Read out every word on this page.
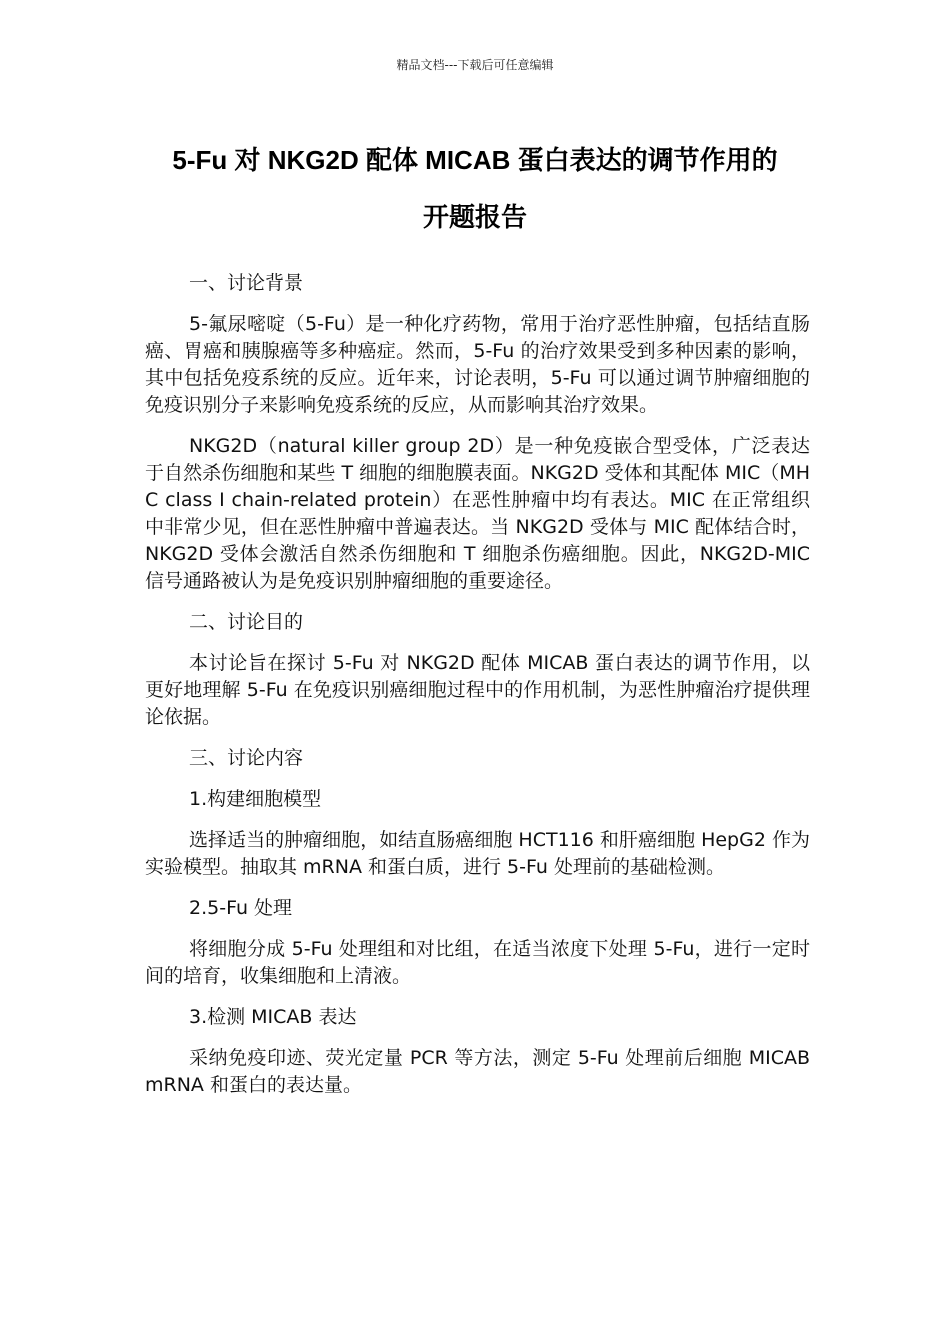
精品文档---下载后可任意编辑
5-Fu 对 NKG2D 配体 MICAB 蛋白表达的调节作用的
开题报告

一、讨论背景

5-氟尿嘧啶（5-Fu）是一种化疗药物，常用于治疗恶性肿瘤，包括结直肠癌、胃癌和胰腺癌等多种癌症。然而，5-Fu 的治疗效果受到多种因素的影响，其中包括免疫系统的反应。近年来，讨论表明，5-Fu 可以通过调节肿瘤细胞的免疫识别分子来影响免疫系统的反应，从而影响其治疗效果。

NKG2D（natural killer group 2D）是一种免疫嵌合型受体，广泛表达于自然杀伤细胞和某些 T 细胞的细胞膜表面。NKG2D 受体和其配体 MIC（MHC class I chain-related protein）在恶性肿瘤中均有表达。MIC 在正常组织中非常少见，但在恶性肿瘤中普遍表达。当 NKG2D 受体与 MIC 配体结合时，NKG2D 受体会激活自然杀伤细胞和 T 细胞杀伤癌细胞。因此，NKG2D-MIC 信号通路被认为是免疫识别肿瘤细胞的重要途径。

二、讨论目的

本讨论旨在探讨 5-Fu 对 NKG2D 配体 MICAB 蛋白表达的调节作用，以更好地理解 5-Fu 在免疫识别癌细胞过程中的作用机制，为恶性肿瘤治疗提供理论依据。

三、讨论内容

1.构建细胞模型

选择适当的肿瘤细胞，如结直肠癌细胞 HCT116 和肝癌细胞 HepG2 作为实验模型。抽取其 mRNA 和蛋白质，进行 5-Fu 处理前的基础检测。

2.5-Fu 处理

将细胞分成 5-Fu 处理组和对比组，在适当浓度下处理 5-Fu，进行一定时间的培育，收集细胞和上清液。

3.检测 MICAB 表达

采纳免疫印迹、荧光定量 PCR 等方法，测定 5-Fu 处理前后细胞 MICAB mRNA 和蛋白的表达量。
